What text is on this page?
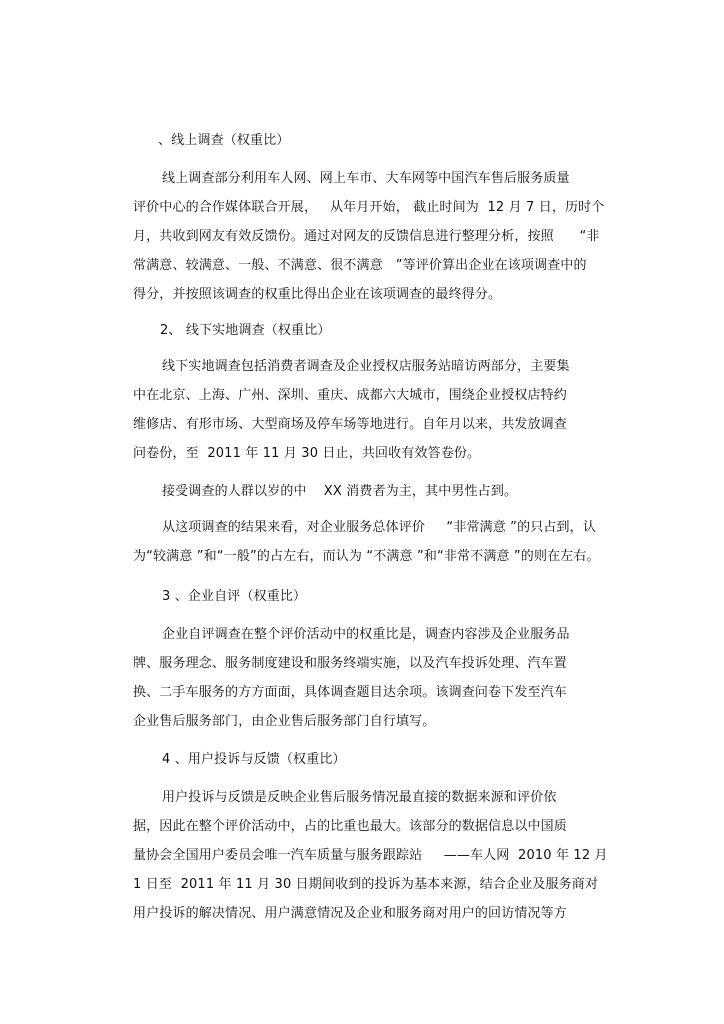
、线上调查（权重比）
线上调查部分利用车人网、网上车市、大车网等中国汽车售后服务质量
评价中心的合作媒体联合开展，   从年月开始， 截止时间为  12 月 7 日，历时个
月，共收到网友有效反馈份。通过对网友的反馈信息进行整理分析，按照      “非
常满意、较满意、一般、不满意、很不满意   ”等评价算出企业在该项调查中的
得分，并按照该调查的权重比得出企业在该项调查的最终得分。
2、 线下实地调查（权重比）
线下实地调查包括消费者调查及企业授权店服务站暗访两部分，主要集
中在北京、上海、广州、深圳、重庆、成都六大城市，围绕企业授权店特约
维修店、有形市场、大型商场及停车场等地进行。自年月以来，共发放调查
问卷份，至  2011 年 11 月 30 日止，共回收有效答卷份。
接受调查的人群以岁的中    XX 消费者为主，其中男性占到。
从这项调查的结果来看，对企业服务总体评价     “非常满意 ”的只占到，认
为“较满意 ”和“一般”的占左右，而认为 “不满意 ”和“非常不满意 ”的则在左右。
3 、企业自评（权重比）
企业自评调查在整个评价活动中的权重比是，调查内容涉及企业服务品
牌、服务理念、服务制度建设和服务终端实施，以及汽车投诉处理、汽车置
换、二手车服务的方方面面，具体调查题目达余项。该调查问卷下发至汽车
企业售后服务部门，由企业售后服务部门自行填写。
4 、用户投诉与反馈（权重比）
用户投诉与反馈是反映企业售后服务情况最直接的数据来源和评价依
据，因此在整个评价活动中，占的比重也最大。该部分的数据信息以中国质
量协会全国用户委员会唯一汽车质量与服务跟踪站     ——车人网  2010 年 12 月
1 日至  2011 年 11 月 30 日期间收到的投诉为基本来源，结合企业及服务商对
用户投诉的解决情况、用户满意情况及企业和服务商对用户的回访情况等方
